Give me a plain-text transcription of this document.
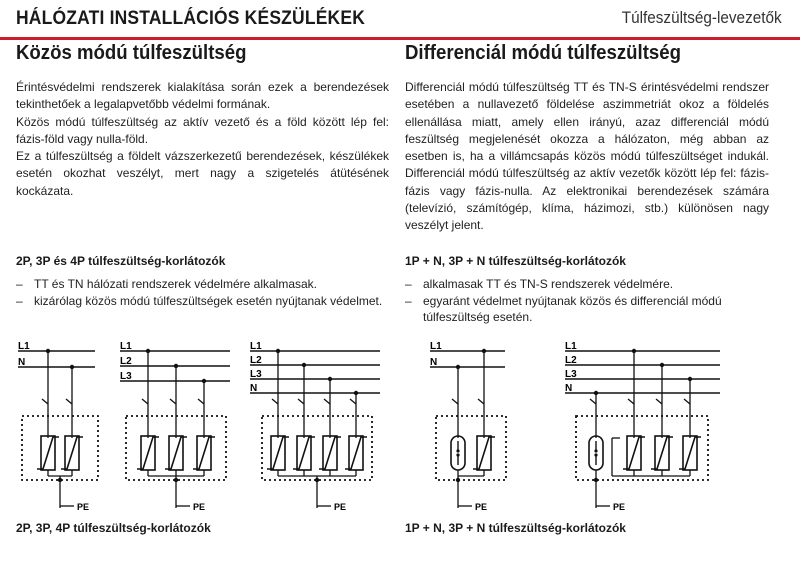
HÁLÓZATI INSTALLÁCIÓS KÉSZÜLÉKEK	Túlfeszültség-levezetők
Közös módú túlfeszültség

Érintésvédelmi rendszerek kialakítása során ezek a berendezések tekinthetőek a legalapvetőbb védelmi formának.

Közös módú túlfeszültség az aktív vezető és a föld között lép fel: fázis-föld vagy nulla-föld.

Ez a túlfeszültség a földelt vázszerkezetű berendezések, készülékek esetén okozhat veszélyt, mert nagy a szigetelés átütésének kockázata.

2P, 3P és 4P túlfeszültség-korlátozók
– TT és TN hálózati rendszerek védelmére alkalmasak.
– kizárólag közös módú túlfeszültségek esetén nyújtanak védelmet.
Differenciál módú túlfeszültség

Differenciál módú túlfeszültség TT és TN-S érintésvédelmi rendszer esetében a nullavezető földelése aszimmetriát okoz a földelés ellenállása miatt, amely ellen irányú, azaz differenciál módú feszültség megjelenését okozza a hálózaton, még abban az esetben is, ha a villámcsapás közös módú túlfeszültséget indukál. Differenciál módú túlfeszültség az aktív vezetők között lép fel: fázis-fázis vagy fázis-nulla. Az elektronikai berendezések számára (televízió, számítógép, klíma, házimozi, stb.) különösen nagy veszélyt jelent.

1P + N, 3P + N túlfeszültség-korlátozók
– alkalmasak TT és TN-S rendszerek védelmére.
– egyaránt védelmet nyújtanak közös és differenciál módú túlfeszültség esetén.
L1
N
PE
L1
L2
L3
PE
L1
L2
L3
N
PE
L1
N
PE
L1
L2
L3
N
PE
2P, 3P, 4P túlfeszültség-korlátozók	1P + N, 3P + N túlfeszültség-korlátozók
